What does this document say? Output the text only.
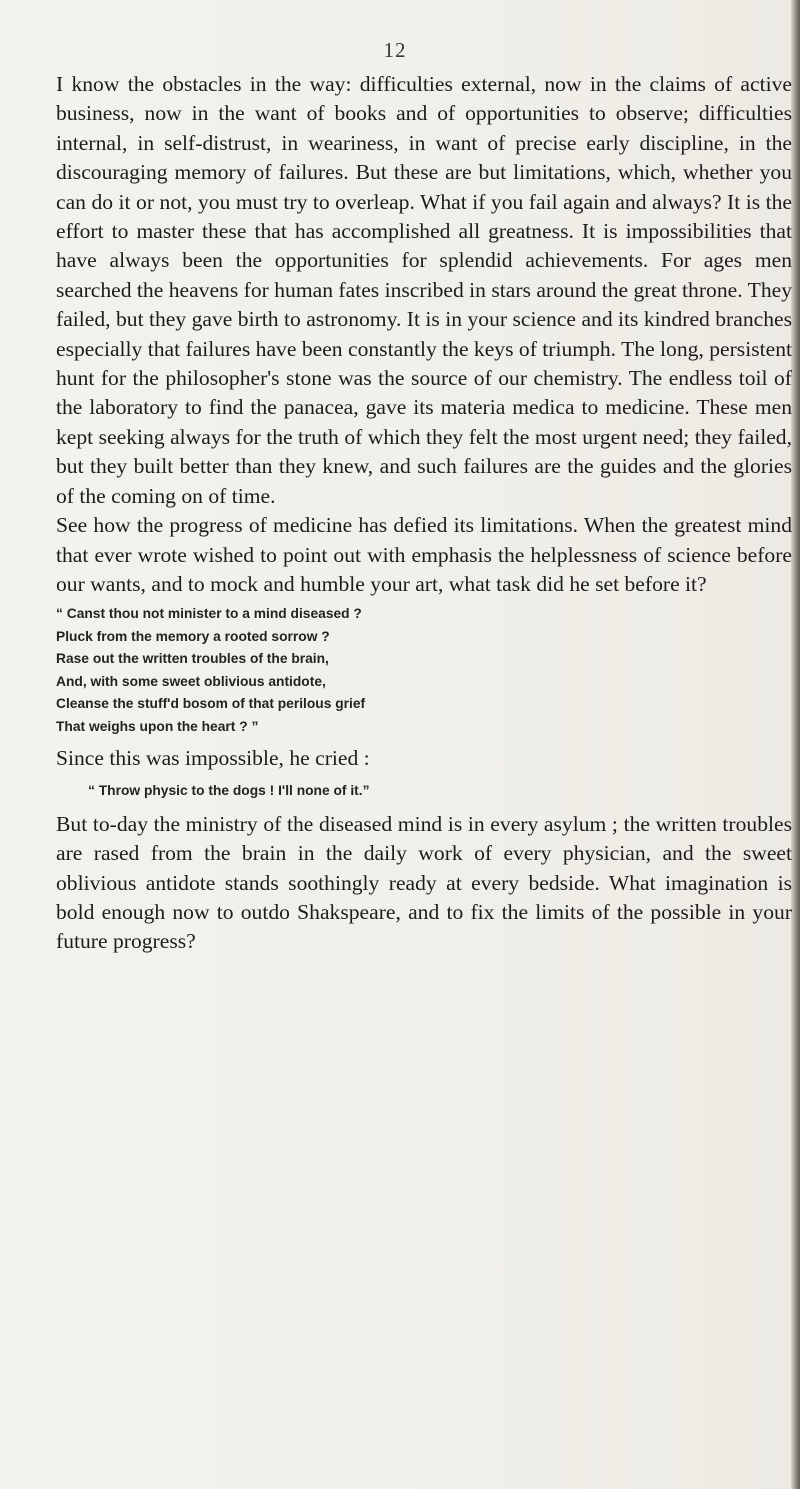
12

I know the obstacles in the way: difficulties external, now in the claims of active business, now in the want of books and of opportunities to observe; difficulties internal, in self-distrust, in weariness, in want of precise early discipline, in the discouraging memory of failures. But these are but limitations, which, whether you can do it or not, you must try to overleap. What if you fail again and always? It is the effort to master these that has accomplished all greatness. It is impossibilities that have always been the opportunities for splendid achievements. For ages men searched the heavens for human fates inscribed in stars around the great throne. They failed, but they gave birth to astronomy. It is in your science and its kindred branches especially that failures have been constantly the keys of triumph. The long, persistent hunt for the philosopher's stone was the source of our chemistry. The endless toil of the laboratory to find the panacea, gave its materia medica to medicine. These men kept seeking always for the truth of which they felt the most urgent need; they failed, but they built better than they knew, and such failures are the guides and the glories of the coming on of time.

See how the progress of medicine has defied its limitations. When the greatest mind that ever wrote wished to point out with emphasis the helplessness of science before our wants, and to mock and humble your art, what task did he set before it?

“ Canst thou not minister to a mind diseased ?
Pluck from the memory a rooted sorrow ?
Rase out the written troubles of the brain,
And, with some sweet oblivious antidote,
Cleanse the stuff'd bosom of that perilous grief
That weighs upon the heart ? ”

Since this was impossible, he cried :

“ Throw physic to the dogs ! I'll none of it.”

But to-day the ministry of the diseased mind is in every asylum ; the written troubles are rased from the brain in the daily work of every physician, and the sweet oblivious antidote stands soothingly ready at every bedside. What imagination is bold enough now to outdo Shakspeare, and to fix the limits of the possible in your future progress?
